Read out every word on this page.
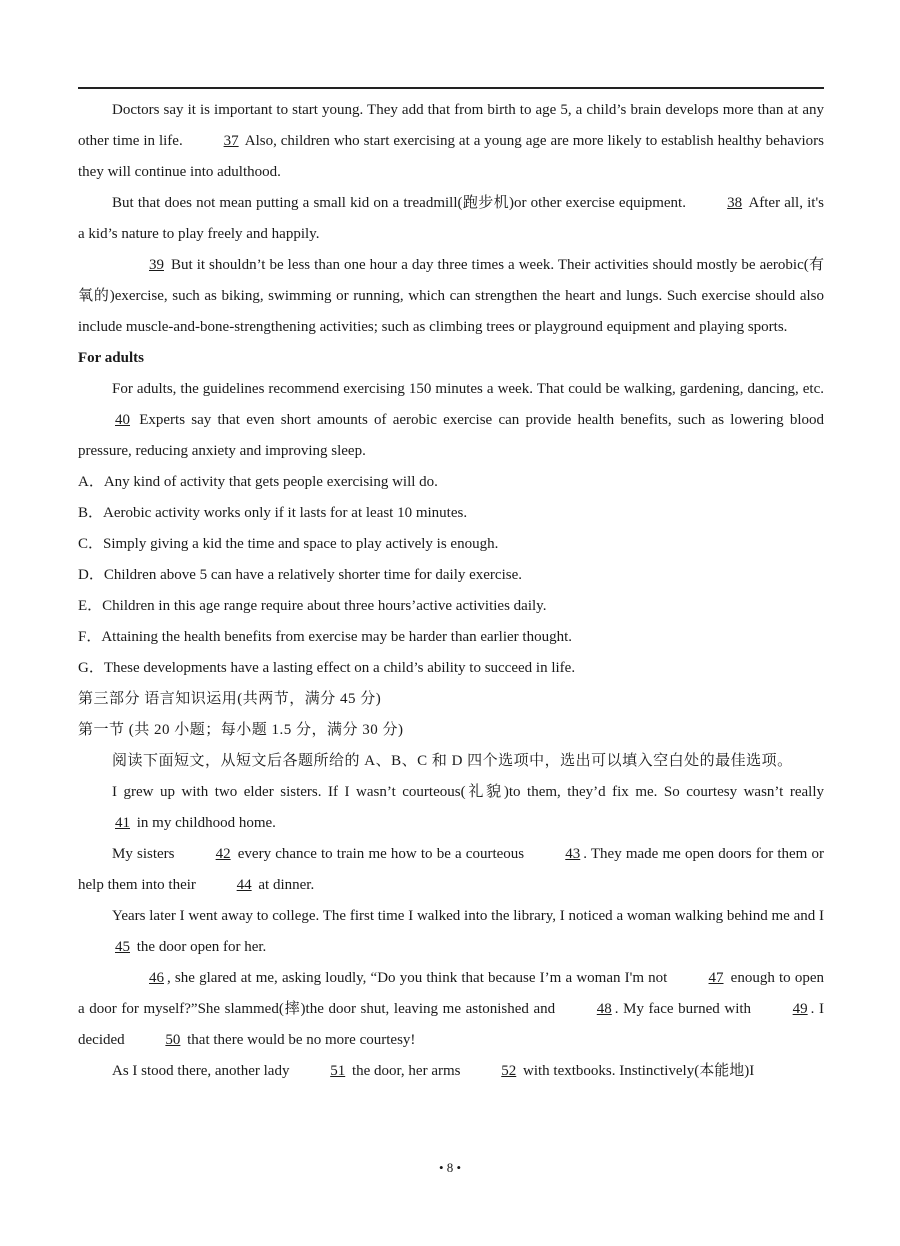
Doctors say it is important to start young. They add that from birth to age 5, a child’s brain develops more than at any other time in life. 37 Also, children who start exercising at a young age are more likely to establish healthy behaviors they will continue into adulthood.

But that does not mean putting a small kid on a treadmill(跑步机)or other exercise equipment. 38 After all, it's a kid’s nature to play freely and happily.

39 But it shouldn’t be less than one hour a day three times a week. Their activities should mostly be aerobic(有氧的)exercise, such as biking, swimming or running, which can strengthen the heart and lungs. Such exercise should also include muscle-and-bone-strengthening activities; such as climbing trees or playground equipment and playing sports.

For adults

For adults, the guidelines recommend exercising 150 minutes a week. That could be walking, gardening, dancing, etc. 40 Experts say that even short amounts of aerobic exercise can provide health benefits, such as lowering blood pressure, reducing anxiety and improving sleep.

A．Any kind of activity that gets people exercising will do.

B．Aerobic activity works only if it lasts for at least 10 minutes.

C．Simply giving a kid the time and space to play actively is enough.

D．Children above 5 can have a relatively shorter time for daily exercise.

E．Children in this age range require about three hours’active activities daily.

F．Attaining the health benefits from exercise may be harder than earlier thought.

G．These developments have a lasting effect on a child’s ability to succeed in life.

第三部分 语言知识运用(共两节，满分 45 分)

第一节 (共 20 小题；每小题 1.5 分，满分 30 分)

阅读下面短文，从短文后各题所给的 A、B、C 和 D 四个选项中，选出可以填入空白处的最佳选项。

I grew up with two elder sisters. If I wasn’t courteous(礼貌)to them, they’d fix me. So courtesy wasn’t really 41 in my childhood home.

My sisters 42 every chance to train me how to be a courteous 43 . They made me open doors for them or help them into their 44 at dinner.

Years later I went away to college. The first time I walked into the library, I noticed a woman walking behind me and I 45 the door open for her.

46 , she glared at me, asking loudly, “Do you think that because I’m a woman I'm not 47 enough to open a door for myself?”She slammed(摔)the door shut, leaving me astonished and 48 . My face burned with 49 . I decided 50 that there would be no more courtesy!

As I stood there, another lady 51 the door, her arms 52 with textbooks. Instinctively(本能地)I

• 8 •
